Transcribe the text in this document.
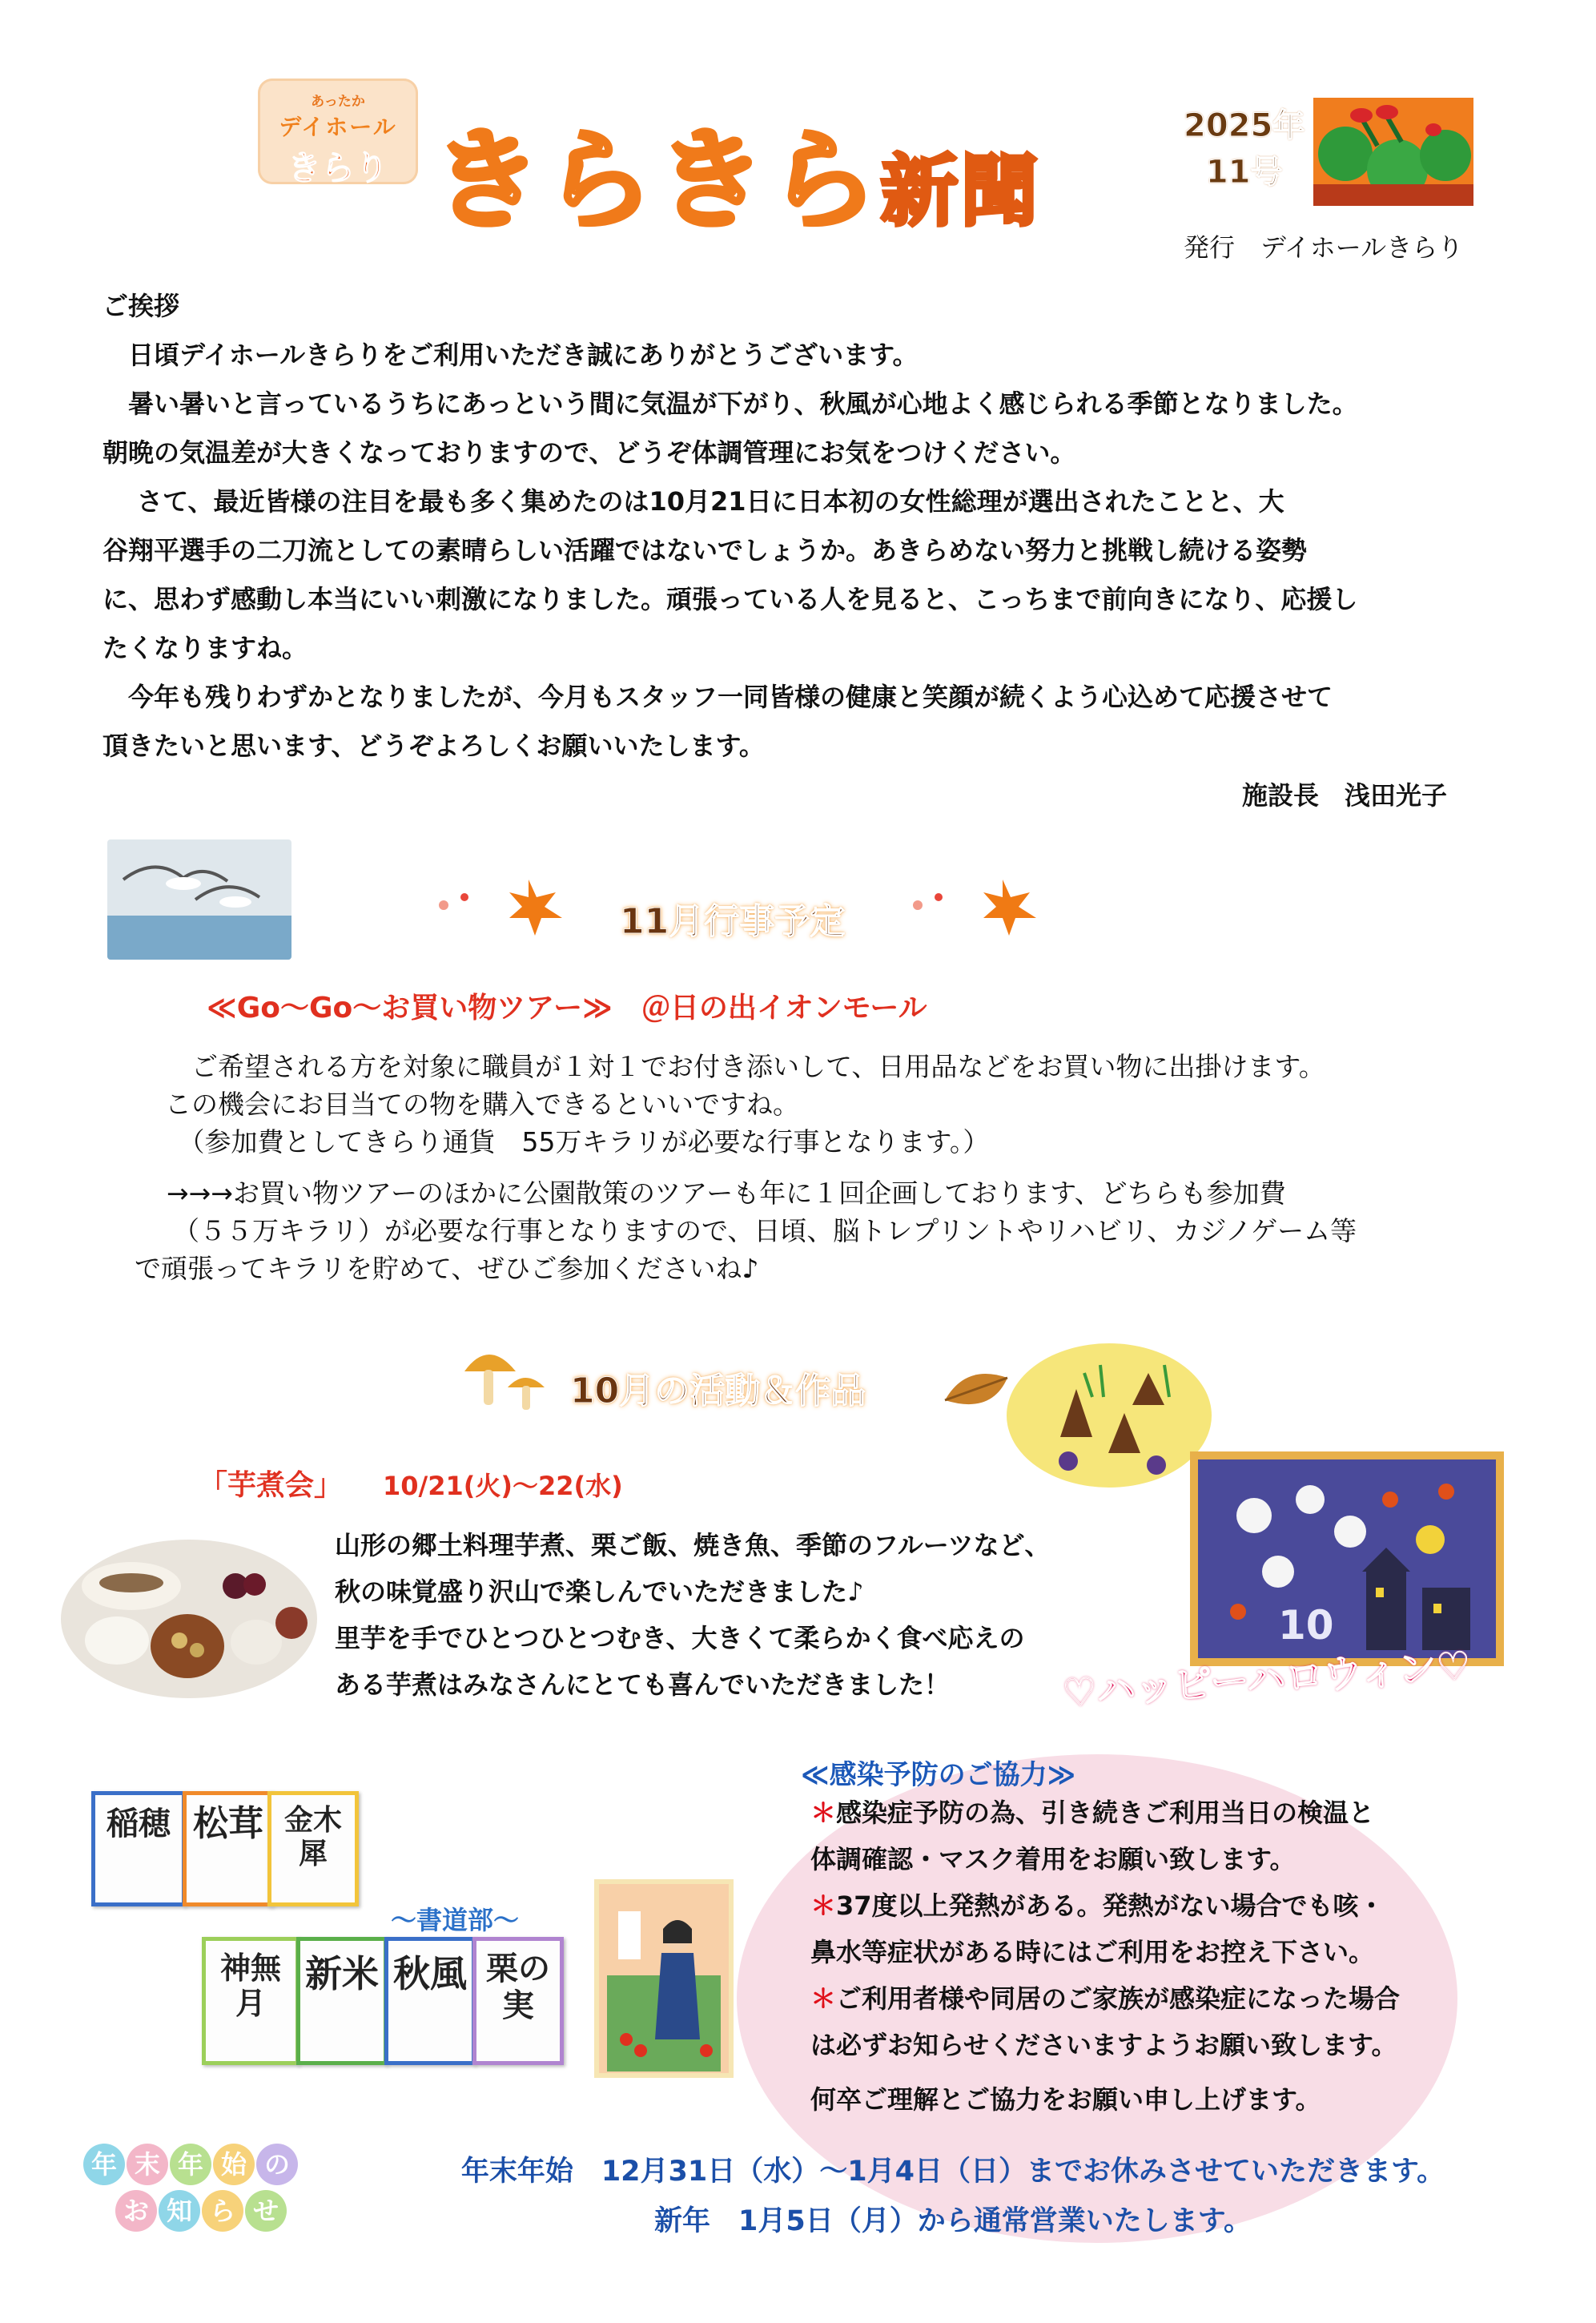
あったか
デイホール
きらり きらきら新聞
2025年
11号
発行　デイホールきらり

ご挨拶

　日頃デイホールきらりをご利用いただき誠にありがとうございます。

　暑い暑いと言っているうちにあっという間に気温が下がり、秋風が心地よく感じられる季節となりました。

朝晩の気温差が大きくなっておりますので、どうぞ体調管理にお気をつけください。

　 さて、最近皆様の注目を最も多く集めたのは10月21日に日本初の女性総理が選出されたことと、大

谷翔平選手の二刀流としての素晴らしい活躍ではないでしょうか。あきらめない努力と挑戦し続ける姿勢

に、思わず感動し本当にいい刺激になりました。頑張っている人を見ると、こっちまで前向きになり、応援し

たくなりますね。

　今年も残りわずかとなりましたが、今月もスタッフ一同皆様の健康と笑顔が続くよう心込めて応援させて

頂きたいと思います、どうぞよろしくお願いいたします。

施設長　浅田光子
11月行事予定
≪Go～Go～お買い物ツアー≫　＠日の出イオンモール
　ご希望される方を対象に職員が１対１でお付き添いして、日用品などをお買い物に出掛けます。
この機会にお目当ての物を購入できるといいですね。
　（参加費としてきらり通貨　55万キラリが必要な行事となります。）
→→→お買い物ツアーのほかに公園散策のツアーも年に１回企画しております、どちらも参加費
（５５万キラリ）が必要な行事となりますので、日頃、脳トレプリントやリハビリ、カジノゲーム等
で頑張ってキラリを貯めて、ぜひご参加くださいね♪
10月の活動＆作品
「芋煮会」 10/21(火)～22(水)
山形の郷土料理芋煮、栗ご飯、焼き魚、季節のフルーツなど、
秋の味覚盛り沢山で楽しんでいただきました♪
里芋を手でひとつひとつむき、大きくて柔らかく食べ応えの
ある芋煮はみなさんにとても喜んでいただきました！
10
♡ハッピーハロウィン♡
≪感染予防のご協力≫
＊感染症予防の為、引き続きご利用当日の検温と
体調確認・マスク着用をお願い致します。
＊37度以上発熱がある。発熱がない場合でも咳・
鼻水等症状がある時にはご利用をお控え下さい。
＊ご利用者様や同居のご家族が感染症になった場合
は必ずお知らせくださいますようお願い致します。
何卒ご理解とご協力をお願い申し上げます。
稲穂 松茸 金木犀
～書道部～
神無月
新米 秋風 栗の実
年 末 年 始 の
お 知 ら せ
年末年始　12月31日（水）～1月4日（日）までお休みさせていただきます。
新年　1月5日（月）から通常営業いたします。
